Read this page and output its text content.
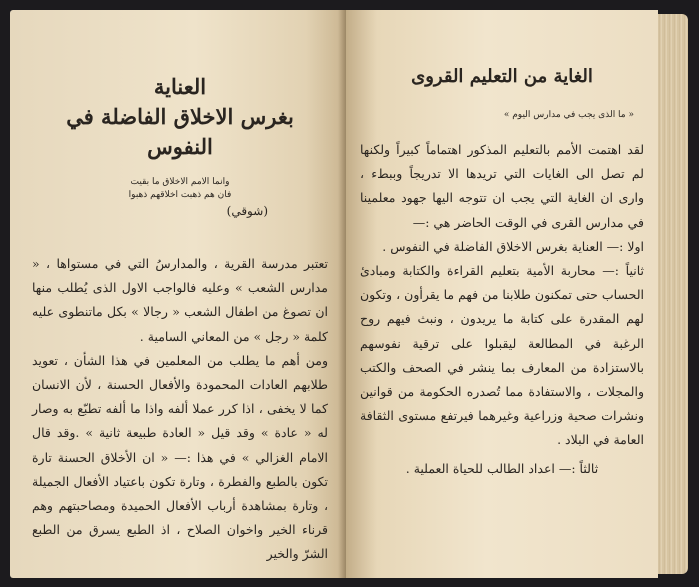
العناية

بغرس الاخلاق الفاضلة في النفوس

وانما الامم الاخلاق ما بقيت
فان هم ذهبت اخلاقهم ذهبوا
(شوقي)

تعتبر مدرسة القرية ، والمدارسُ التي في مستواها ، « مدارس الشعب » وعليه فالواجب الاول الذى يُطلب منها ان تصوغ من اطفال الشعب « رجالا » بكل ماتنطوى عليه كلمة « رجل » من المعاني السامية .

ومن أهم ما يطلب من المعلمين في هذا الشأن ، تعويد طلابهم العادات المحمودة والأفعال الحسنة ، لأن الانسان كما لا يخفى ، اذا كرر عملا ألفه واذا ما ألفه تطبّع به وصار له « عادة » وقد قيل « العادة طبيعة ثانية » .وقد قال الامام الغزالي » في هذا :— « ان الأخلاق الحسنة تارة تكون بالطبع والفطرة ، وتارة تكون باعتياد الأفعال الجميلة ، وتارة بمشاهدة أرباب الأفعال الحميدة ومصاحبتهم وهم قرناء الخير واخوان الصلاح ، اذ الطبع يسرق من الطبع الشرّ والخير

الغاية من التعليم القروى

« ما الذى يجب في مدارس اليوم »

لقد اهتمت الأمم بالتعليم المذكور اهتماماً كبيراً ولكنها لم تصل الى الغايات التي تريدها الا تدريجاً وببطء ، وارى ان الغاية التي يجب ان تتوجه اليها جهود معلمينا في مدارس القرى في الوقت الحاضر هي :—

اولا :— العناية بغرس الاخلاق الفاضلة في النفوس .

ثانياً :— محاربة الأمية بتعليم القراءة والكتابة ومبادئ الحساب حتى تمكنون طلابنا من فهم ما يقرأون ، وتكون لهم المقدرة على كتابة ما يريدون ، ونبث فيهم روح الرغبة في المطالعة ليقبلوا على ترقية نفوسهم بالاستزادة من المعارف بما ينشر في الصحف والكتب والمجلات ، والاستفادة مما تُصدره الحكومة من قوانين ونشرات صحية وزراعية وغيرهما فيرتفع مستوى الثقافة العامة في البلاد .

ثالثاً :— اعداد الطالب للحياة العملية .
